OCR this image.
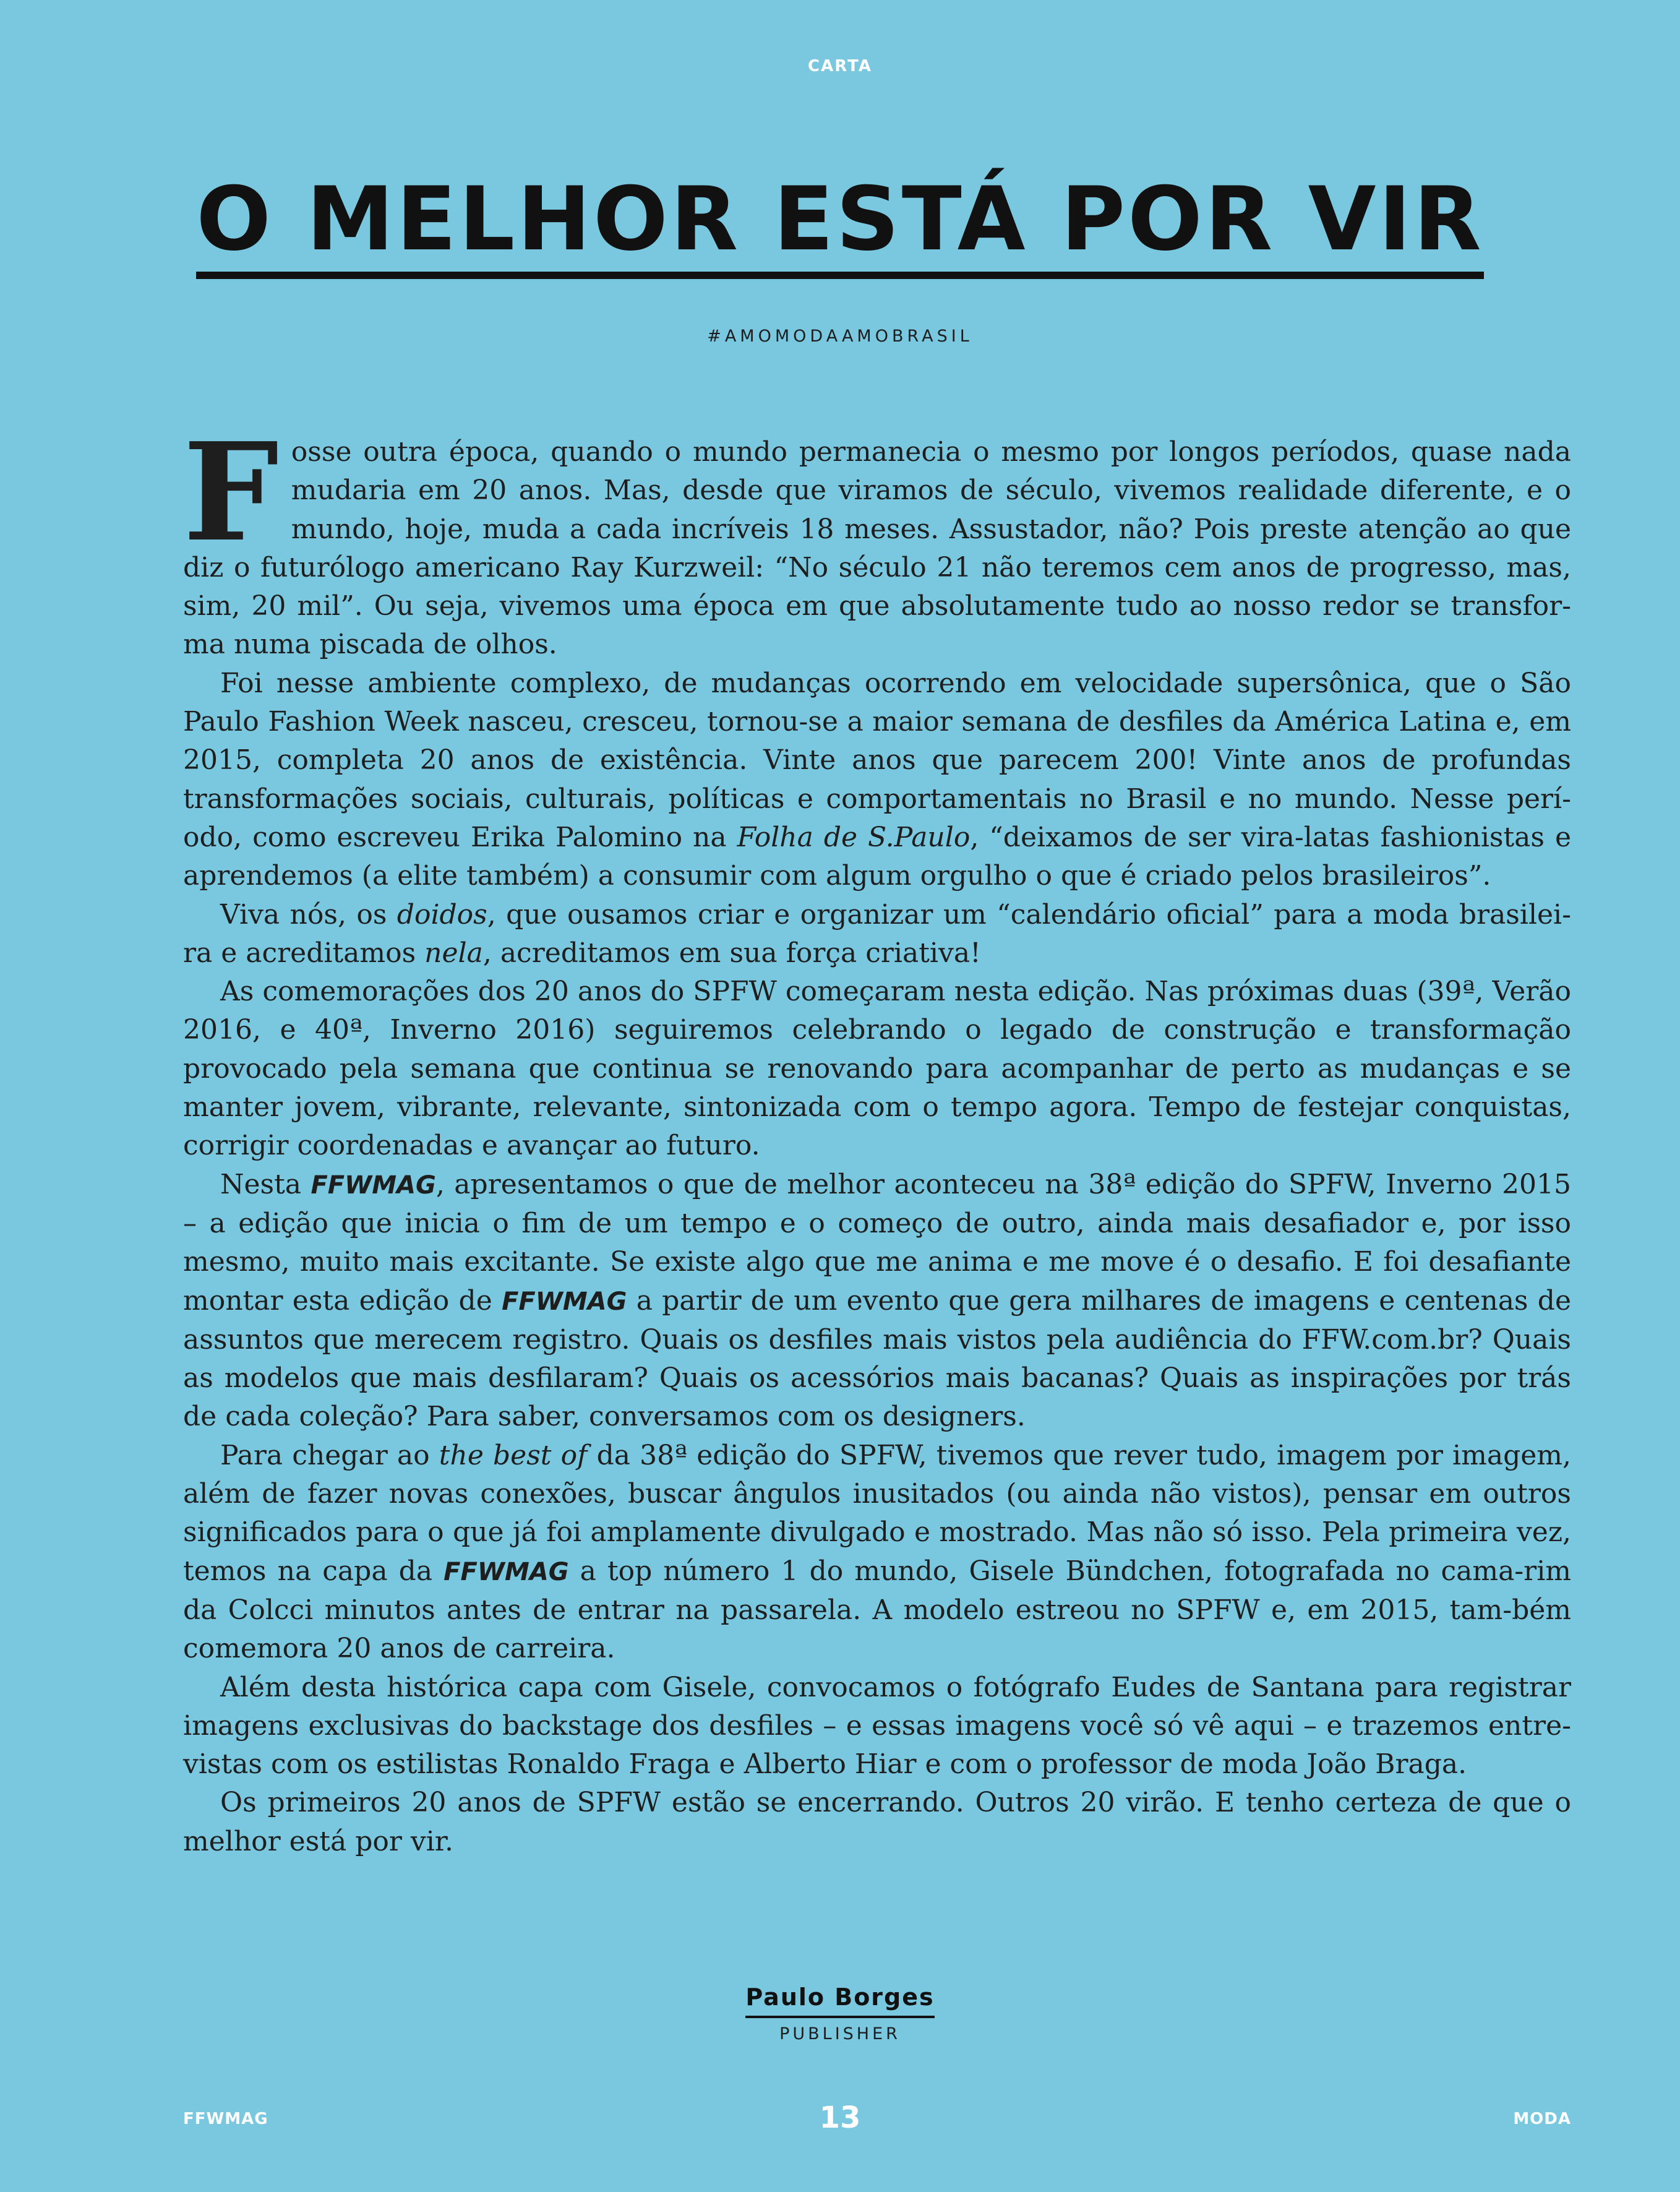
CARTA
O MELHOR ESTÁ POR VIR
#AMOMODAAMOBRASIL

Fosse outra época, quando o mundo permanecia o mesmo por longos períodos, quase nada mudaria em 20 anos. Mas, desde que viramos de século, vivemos realidade diferente, e o mundo, hoje, muda a cada incríveis 18 meses. Assustador, não? Pois preste atenção ao que diz o futurólogo americano Ray Kurzweil: “No século 21 não teremos cem anos de progresso, mas, sim, 20 mil”. Ou seja, vivemos uma época em que absolutamente tudo ao nosso redor se transfor-ma numa piscada de olhos.

Foi nesse ambiente complexo, de mudanças ocorrendo em velocidade supersônica, que o São Paulo Fashion Week nasceu, cresceu, tornou-se a maior semana de desfiles da América Latina e, em 2015, completa 20 anos de existência. Vinte anos que parecem 200! Vinte anos de profundas transformações sociais, culturais, políticas e comportamentais no Brasil e no mundo. Nesse perí-odo, como escreveu Erika Palomino na Folha de S.Paulo, “deixamos de ser vira-latas fashionistas e aprendemos (a elite também) a consumir com algum orgulho o que é criado pelos brasileiros”.

Viva nós, os doidos, que ousamos criar e organizar um “calendário oficial” para a moda brasilei-ra e acreditamos nela, acreditamos em sua força criativa!

As comemorações dos 20 anos do SPFW começaram nesta edição. Nas próximas duas (39ª, Verão 2016, e 40ª, Inverno 2016) seguiremos celebrando o legado de construção e transformação provocado pela semana que continua se renovando para acompanhar de perto as mudanças e se manter jovem, vibrante, relevante, sintonizada com o tempo agora. Tempo de festejar conquistas, corrigir coordenadas e avançar ao futuro.

Nesta FFWMAG, apresentamos o que de melhor aconteceu na 38ª edição do SPFW, Inverno 2015 – a edição que inicia o fim de um tempo e o começo de outro, ainda mais desafiador e, por isso mesmo, muito mais excitante. Se existe algo que me anima e me move é o desafio. E foi desafiante montar esta edição de FFWMAG a partir de um evento que gera milhares de imagens e centenas de assuntos que merecem registro. Quais os desfiles mais vistos pela audiência do FFW.com.br? Quais as modelos que mais desfilaram? Quais os acessórios mais bacanas? Quais as inspirações por trás de cada coleção? Para saber, conversamos com os designers.

Para chegar ao the best of da 38ª edição do SPFW, tivemos que rever tudo, imagem por imagem, além de fazer novas conexões, buscar ângulos inusitados (ou ainda não vistos), pensar em outros significados para o que já foi amplamente divulgado e mostrado. Mas não só isso. Pela primeira vez, temos na capa da FFWMAG a top número 1 do mundo, Gisele Bündchen, fotografada no cama-rim da Colcci minutos antes de entrar na passarela. A modelo estreou no SPFW e, em 2015, tam-bém comemora 20 anos de carreira.

Além desta histórica capa com Gisele, convocamos o fotógrafo Eudes de Santana para registrar imagens exclusivas do backstage dos desfiles – e essas imagens você só vê aqui – e trazemos entre-vistas com os estilistas Ronaldo Fraga e Alberto Hiar e com o professor de moda João Braga.

Os primeiros 20 anos de SPFW estão se encerrando. Outros 20 virão. E tenho certeza de que o melhor está por vir.

Paulo Borges
PUBLISHER
FFWMAG	13	MODA
